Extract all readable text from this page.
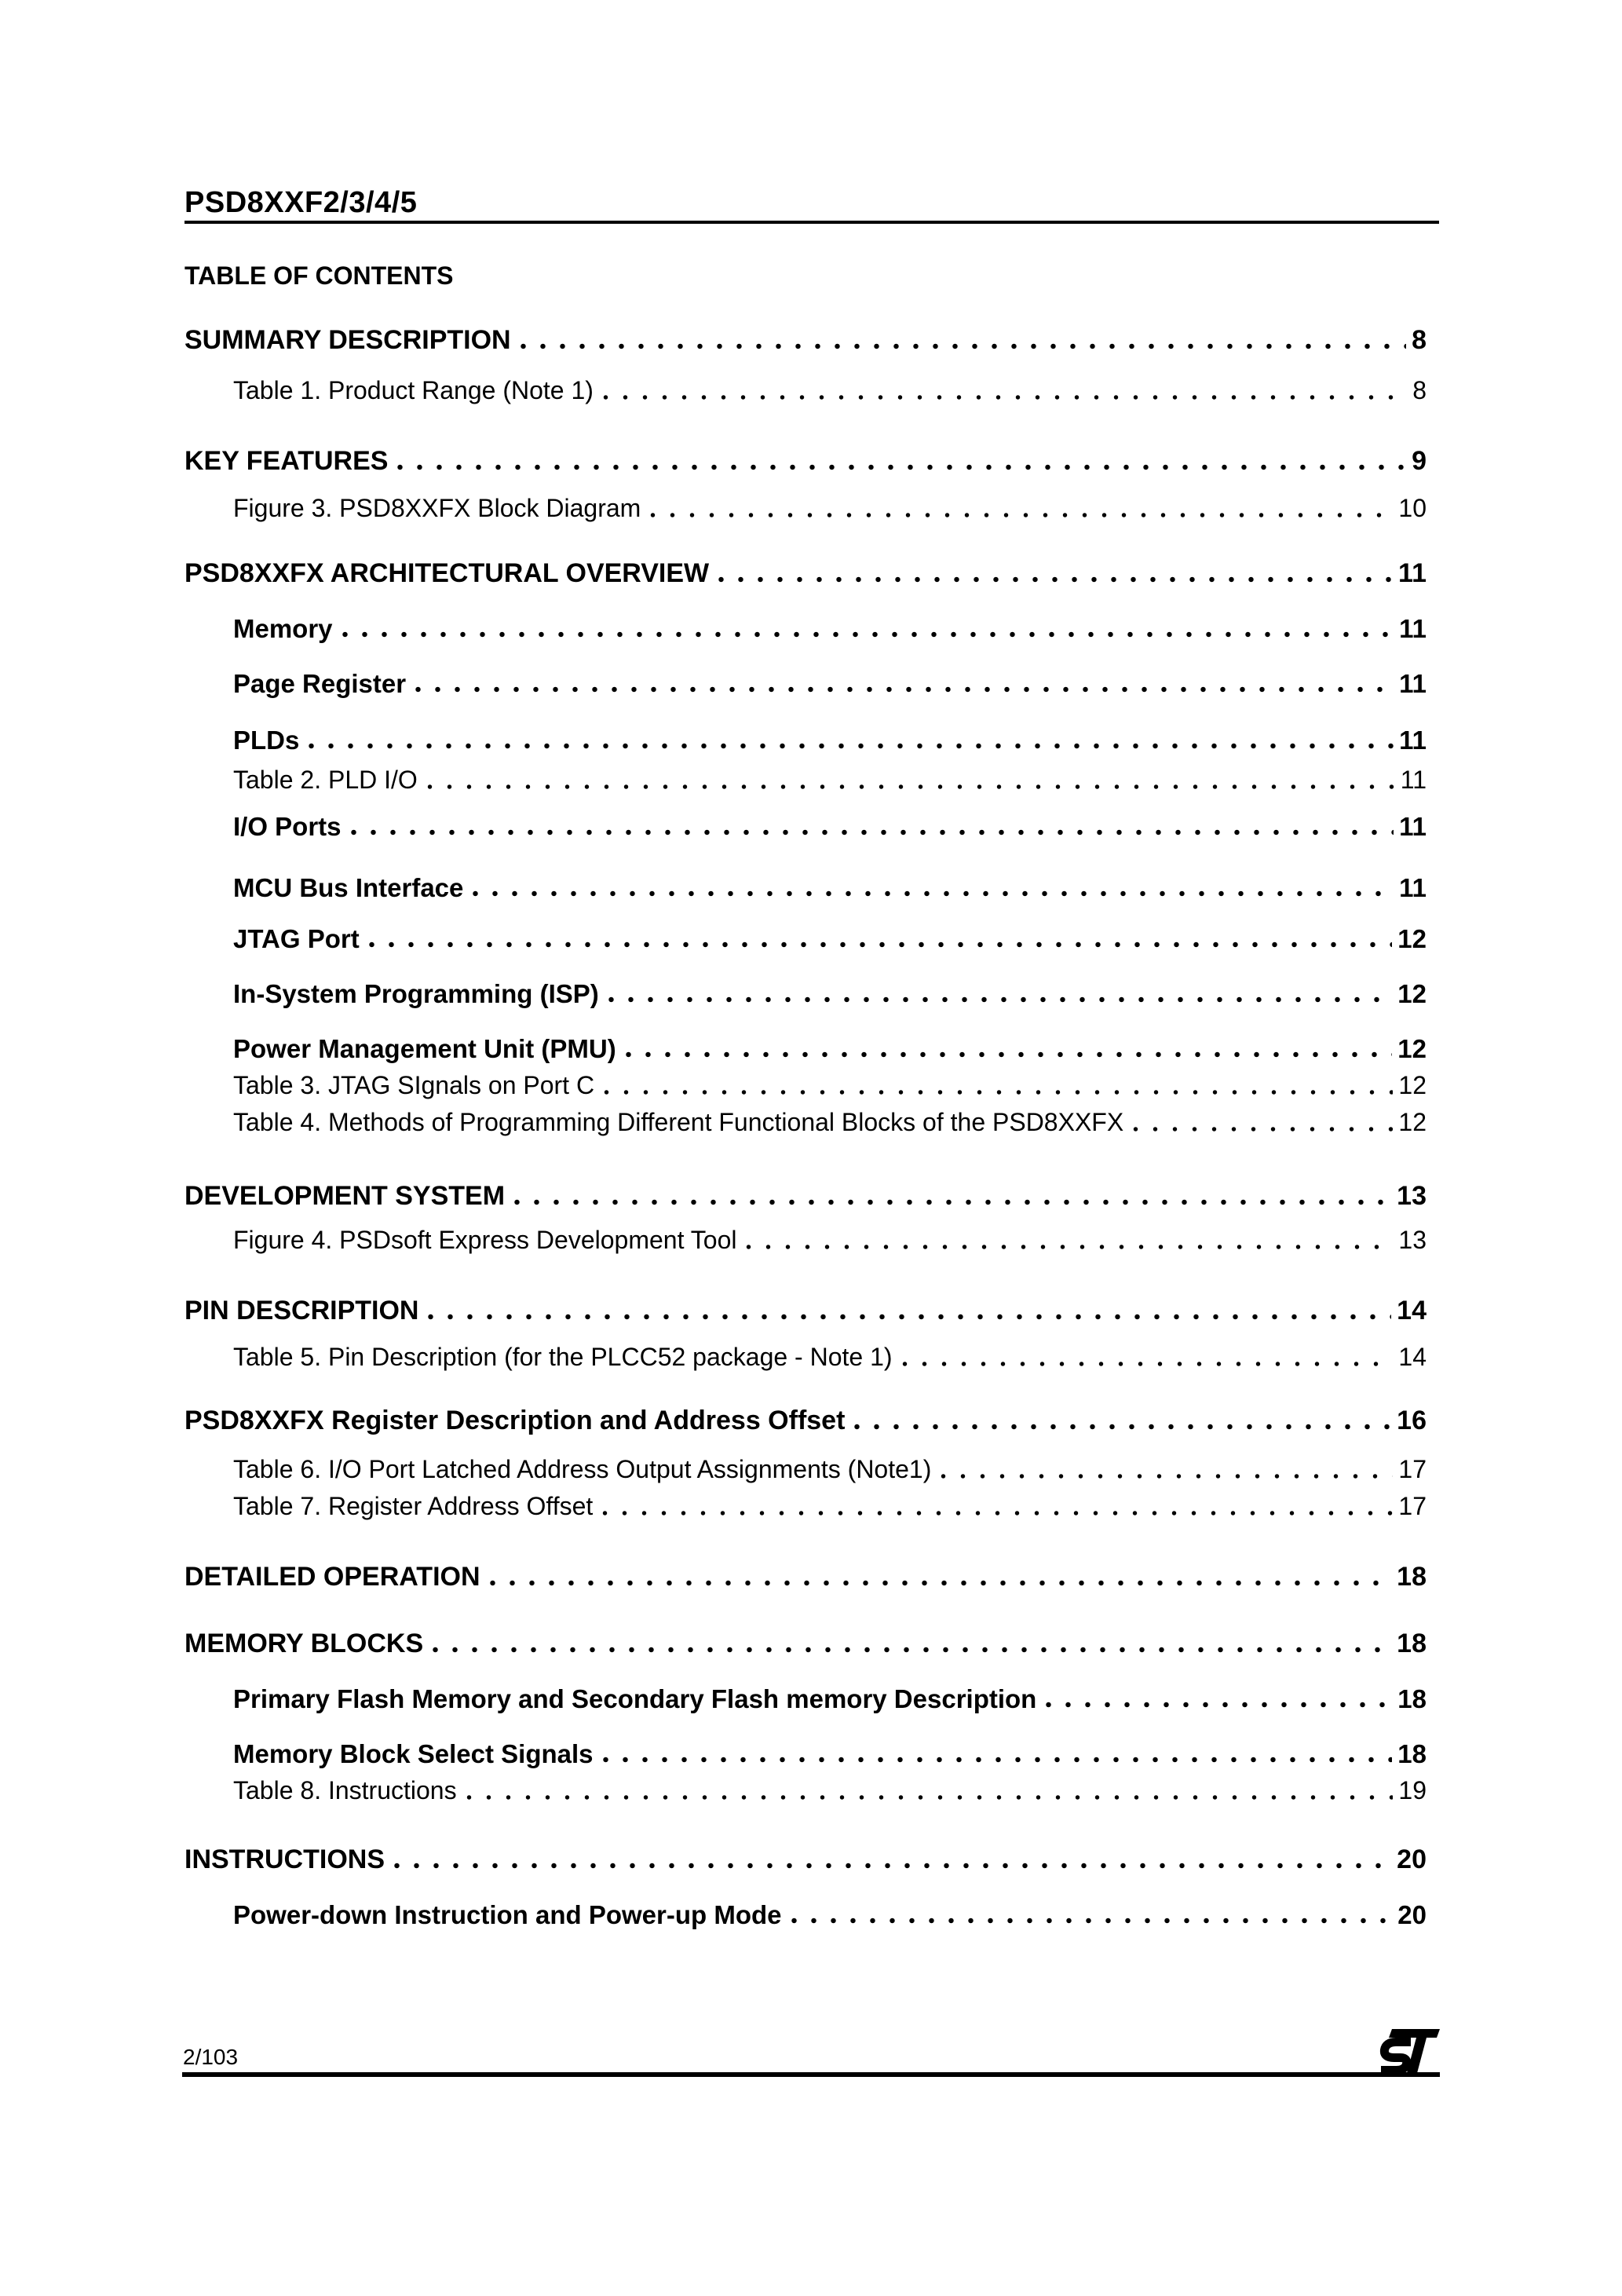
PSD8XXF2/3/4/5
TABLE OF CONTENTS
SUMMARY DESCRIPTION	8
Table 1. Product Range (Note 1)	8
KEY FEATURES	9
Figure 3. PSD8XXFX Block Diagram	10
PSD8XXFX ARCHITECTURAL OVERVIEW	11
Memory	11
Page Register	11
PLDs	11
Table 2. PLD I/O	11
I/O Ports	11
MCU Bus Interface	11
JTAG Port	12
In-System Programming (ISP)	12
Power Management Unit (PMU)	12
Table 3. JTAG SIgnals on Port C	12
Table 4. Methods of Programming Different Functional Blocks of the PSD8XXFX	12
DEVELOPMENT SYSTEM	13
Figure 4. PSDsoft Express Development Tool	13
PIN DESCRIPTION	14
Table 5. Pin Description (for the PLCC52 package - Note 1)	14
PSD8XXFX Register Description and Address Offset	16
Table 6. I/O Port Latched Address Output Assignments (Note1)	17
Table 7. Register Address Offset	17
DETAILED OPERATION	18
MEMORY BLOCKS	18
Primary Flash Memory and Secondary Flash memory Description	18
Memory Block Select Signals	18
Table 8. Instructions	19
INSTRUCTIONS	20
Power-down Instruction and Power-up Mode	20
2/103
